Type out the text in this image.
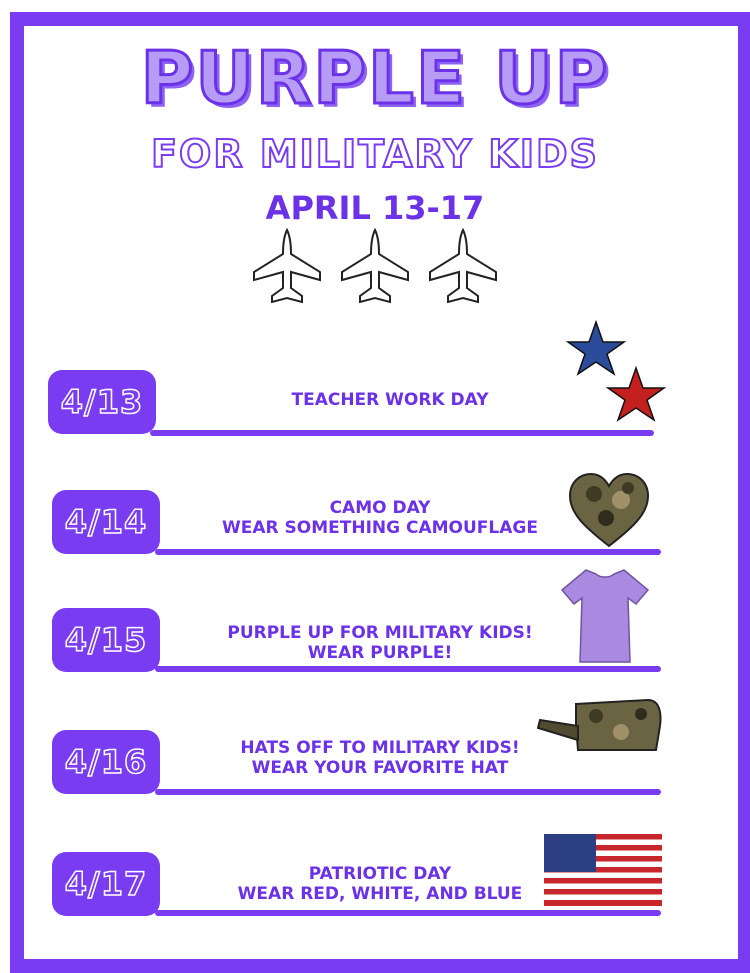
PURPLE UP
FOR MILITARY KIDS
APRIL 13-17
4/13	TEACHER WORK DAY
4/14	CAMO DAY
WEAR SOMETHING CAMOUFLAGE
4/15	PURPLE UP FOR MILITARY KIDS!
WEAR PURPLE!
4/16	HATS OFF TO MILITARY KIDS!
WEAR YOUR FAVORITE HAT
4/17	PATRIOTIC DAY
WEAR RED, WHITE, AND BLUE
